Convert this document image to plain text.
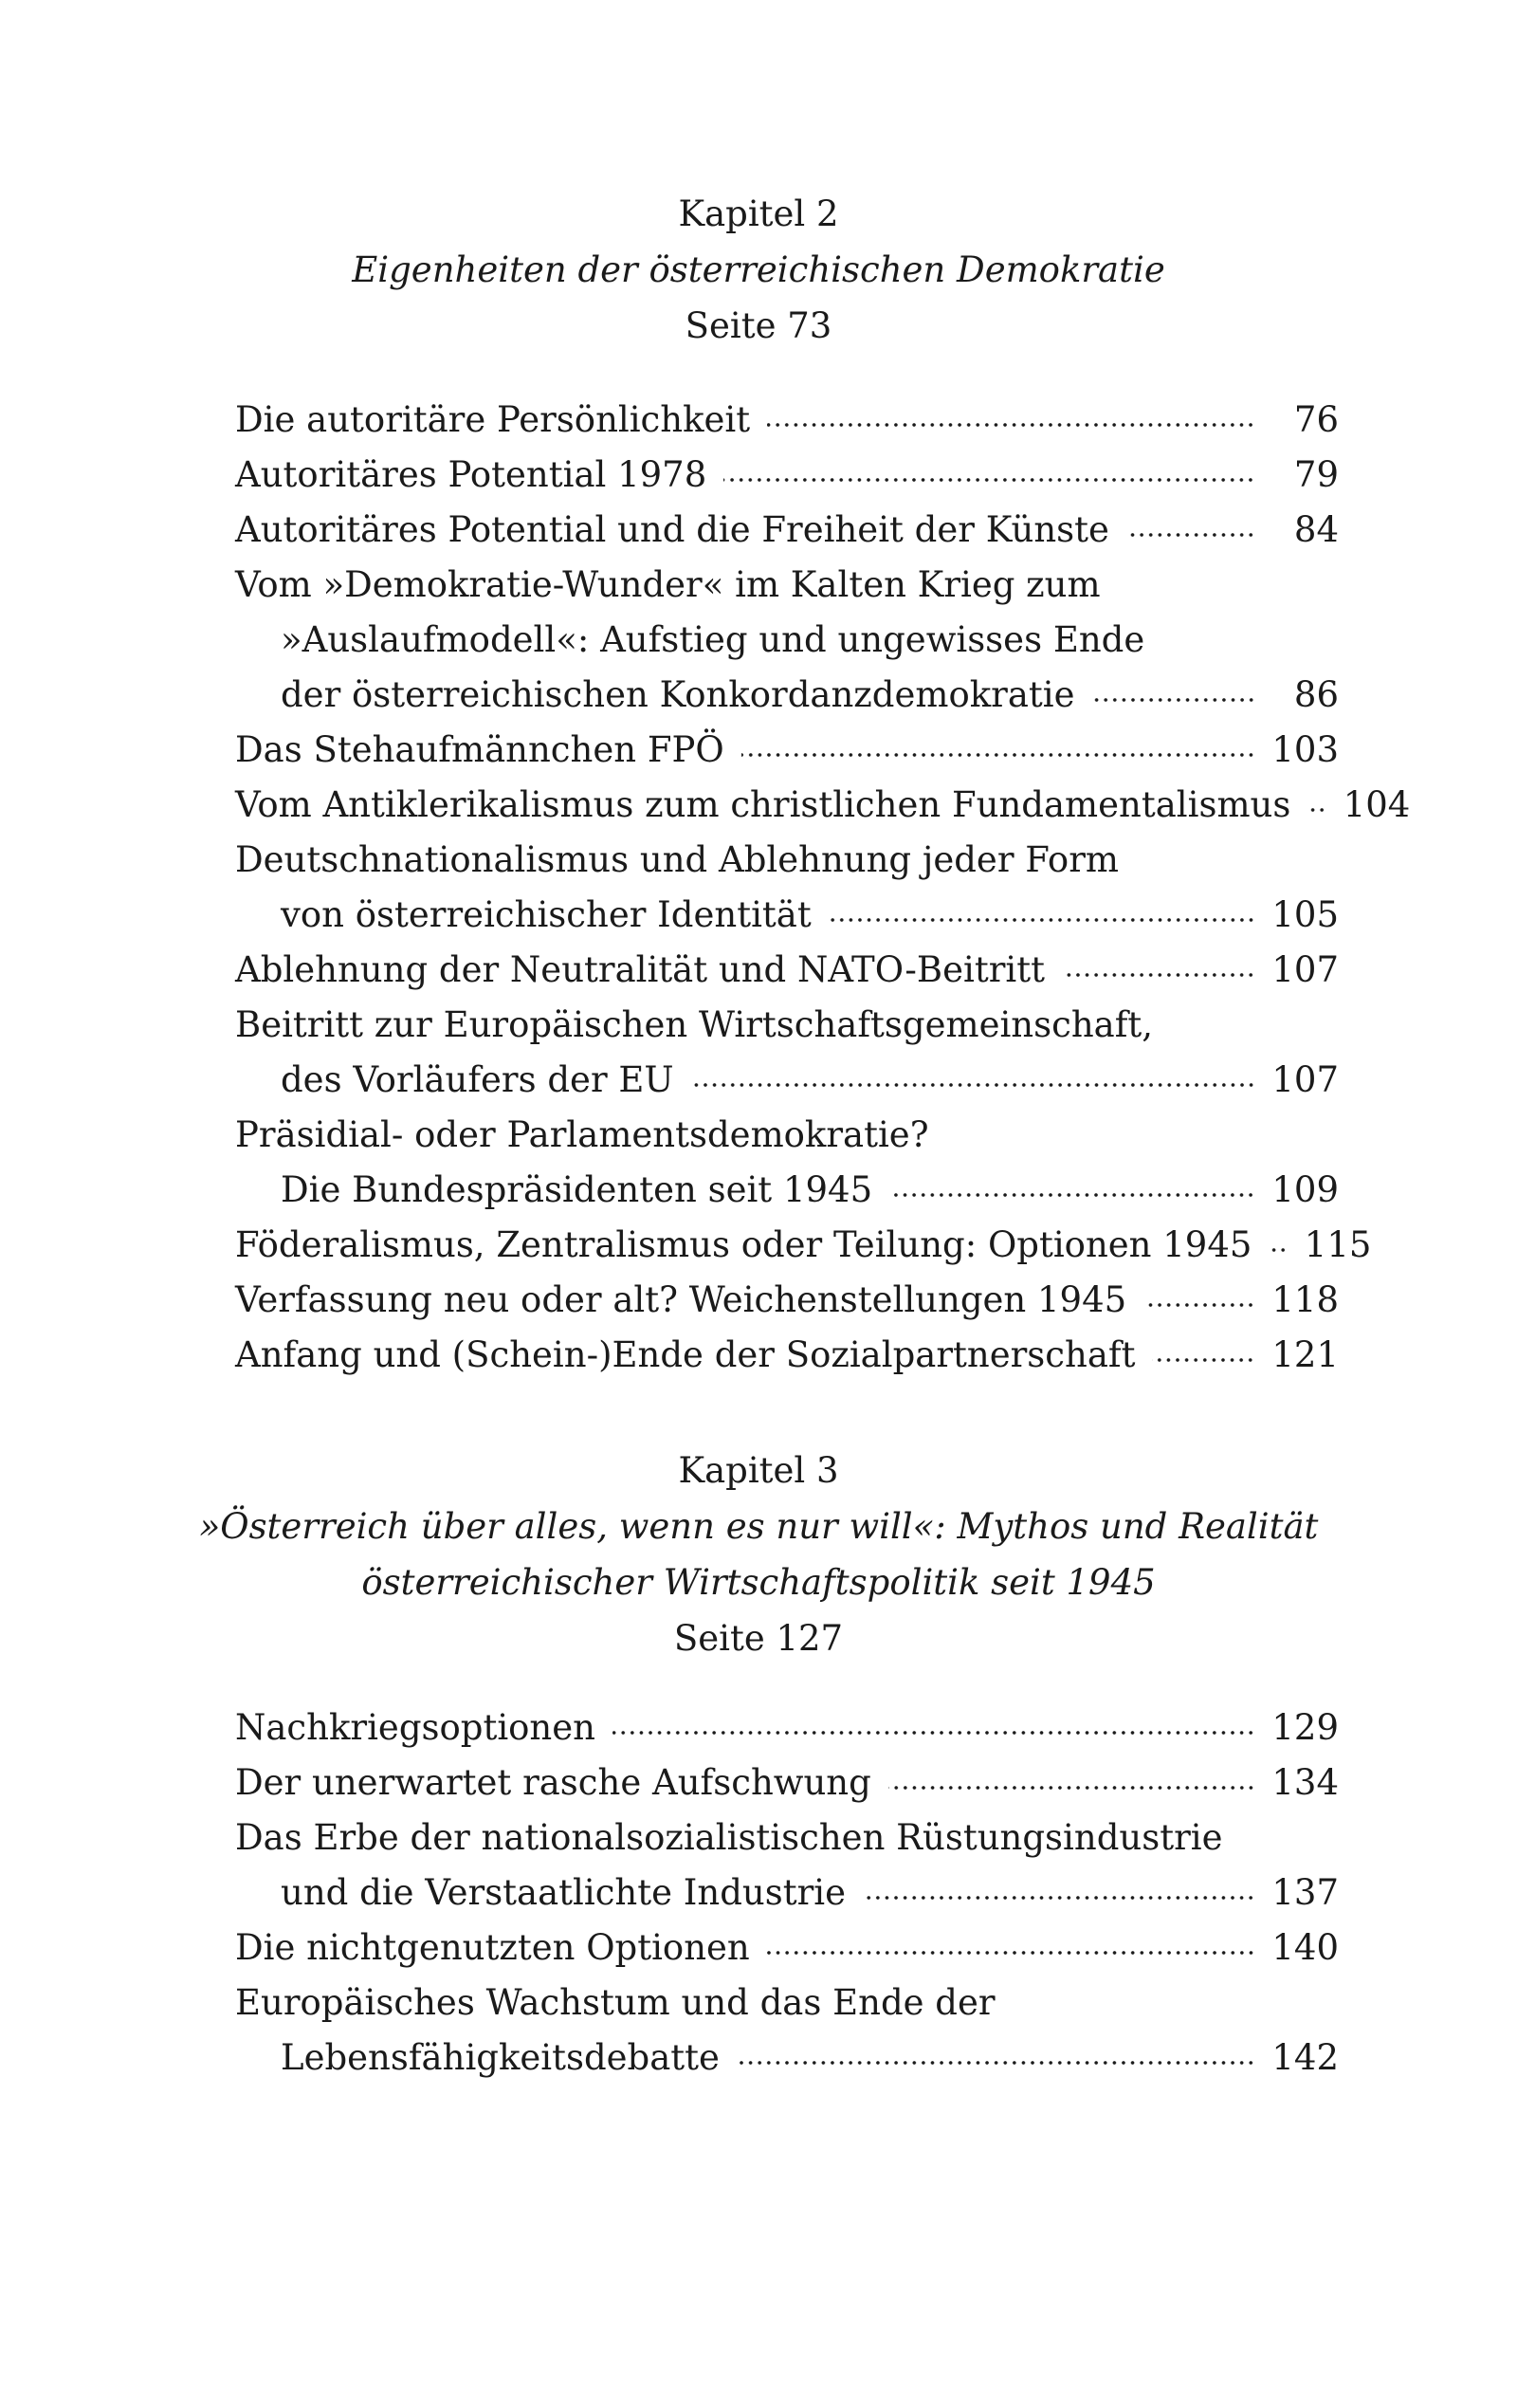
Kapitel 2
Eigenheiten der österreichischen Demokratie
Seite 73
Die autoritäre Persönlichkeit	76
Autoritäres Potential 1978	79
Autoritäres Potential und die Freiheit der Künste	84
Vom »Demokratie-Wunder« im Kalten Krieg zum
»Auslaufmodell«: Aufstieg und ungewisses Ende
der österreichischen Konkordanzdemokratie	86
Das Stehaufmännchen FPÖ	103
Vom Antiklerikalismus zum christlichen Fundamentalismus 104
Deutschnationalismus und Ablehnung jeder Form
von österreichischer Identität	105
Ablehnung der Neutralität und NATO-Beitritt	107
Beitritt zur Europäischen Wirtschaftsgemeinschaft,
des Vorläufers der EU	107
Präsidial- oder Parlamentsdemokratie?
Die Bundespräsidenten seit 1945	109
Föderalismus, Zentralismus oder Teilung: Optionen 1945 115
Verfassung neu oder alt? Weichenstellungen 1945	118
Anfang und (Schein-)Ende der Sozialpartnerschaft	121
Kapitel 3
»Österreich über alles, wenn es nur will«: Mythos und Realität
österreichischer Wirtschaftspolitik seit 1945
Seite 127
Nachkriegsoptionen	129
Der unerwartet rasche Aufschwung	134
Das Erbe der nationalsozialistischen Rüstungsindustrie
und die Verstaatlichte Industrie	137
Die nichtgenutzten Optionen	140
Europäisches Wachstum und das Ende der
Lebensfähigkeitsdebatte	142
